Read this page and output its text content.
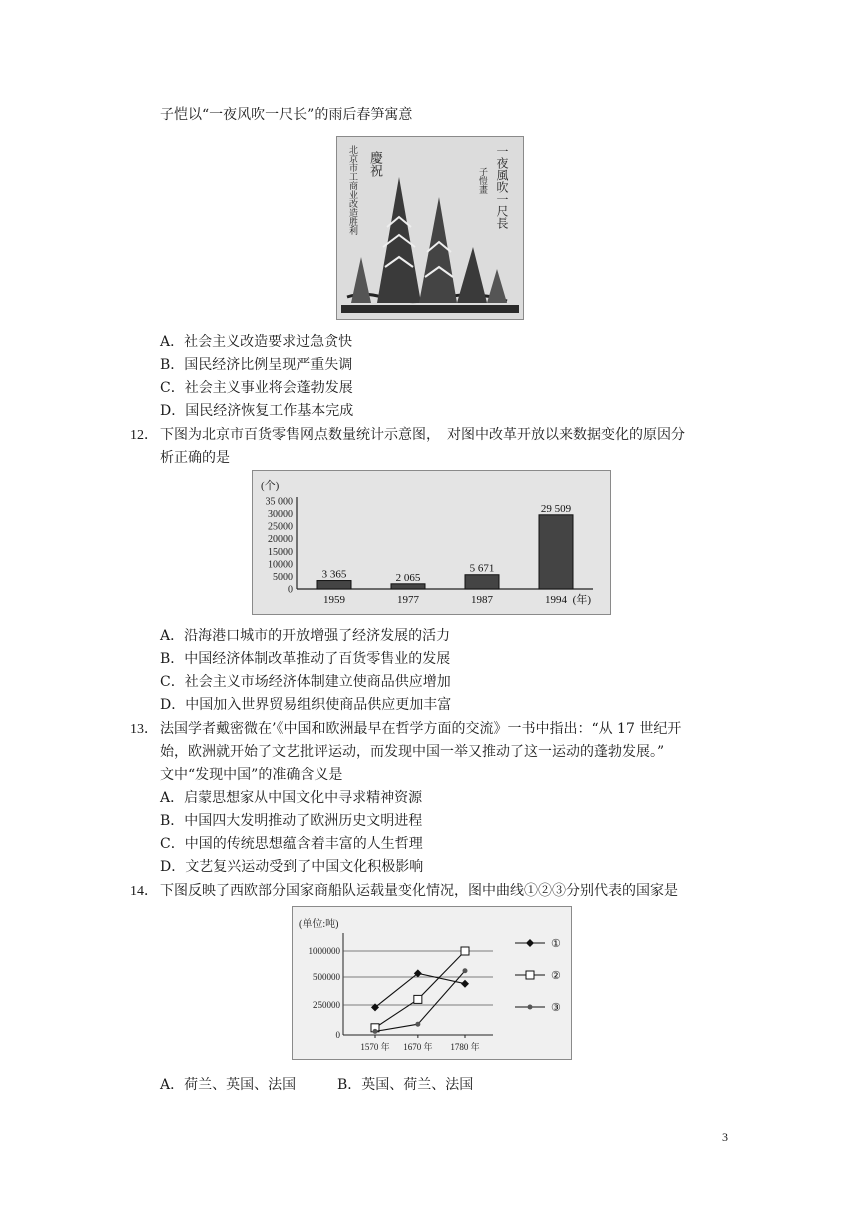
子恺以“一夜风吹一尺长”的雨后春笋寓意
北京市工商业改造胜利 慶祝	一夜風吹一尺長
子愷畫
A．社会主义改造要求过急贪快
B．国民经济比例呈现严重失调
C．社会主义事业将会蓬勃发展
D．国民经济恢复工作基本完成
12． 下图为北京市百货零售网点数量统计示意图，　对图中改革开放以来数据变化的原因分
析正确的是
(个)
35 000
30000
25000
20000
15000
10000
5000
0
3 365
1959
2 065
1977
5 671
1987
29 509
1994 (年)
A．沿海港口城市的开放增强了经济发展的活力
B．中国经济体制改革推动了百货零售业的发展
C．社会主义市场经济体制建立使商品供应增加
D．中国加入世界贸易组织使商品供应更加丰富
13． 法国学者戴密微在’《中国和欧洲最早在哲学方面的交流》一书中指出：“从 17 世纪开
始，欧洲就开始了文艺批评运动，而发现中国一举又推动了这一运动的蓬勃发展。”
文中“发现中国”的准确含义是
A．启蒙思想家从中国文化中寻求精神资源
B．中国四大发明推动了欧洲历史文明进程
C．中国的传统思想蕴含着丰富的人生哲理
D．文艺复兴运动受到了中国文化积极影响
14． 下图反映了西欧部分国家商船队运载量变化情况，图中曲线①②③分别代表的国家是
(单位:吨)
1000000
500000
250000
0
1570 年 1670 年 1780 年
①
②
③
A．荷兰、英国、法国	B．英国、荷兰、法国
3
